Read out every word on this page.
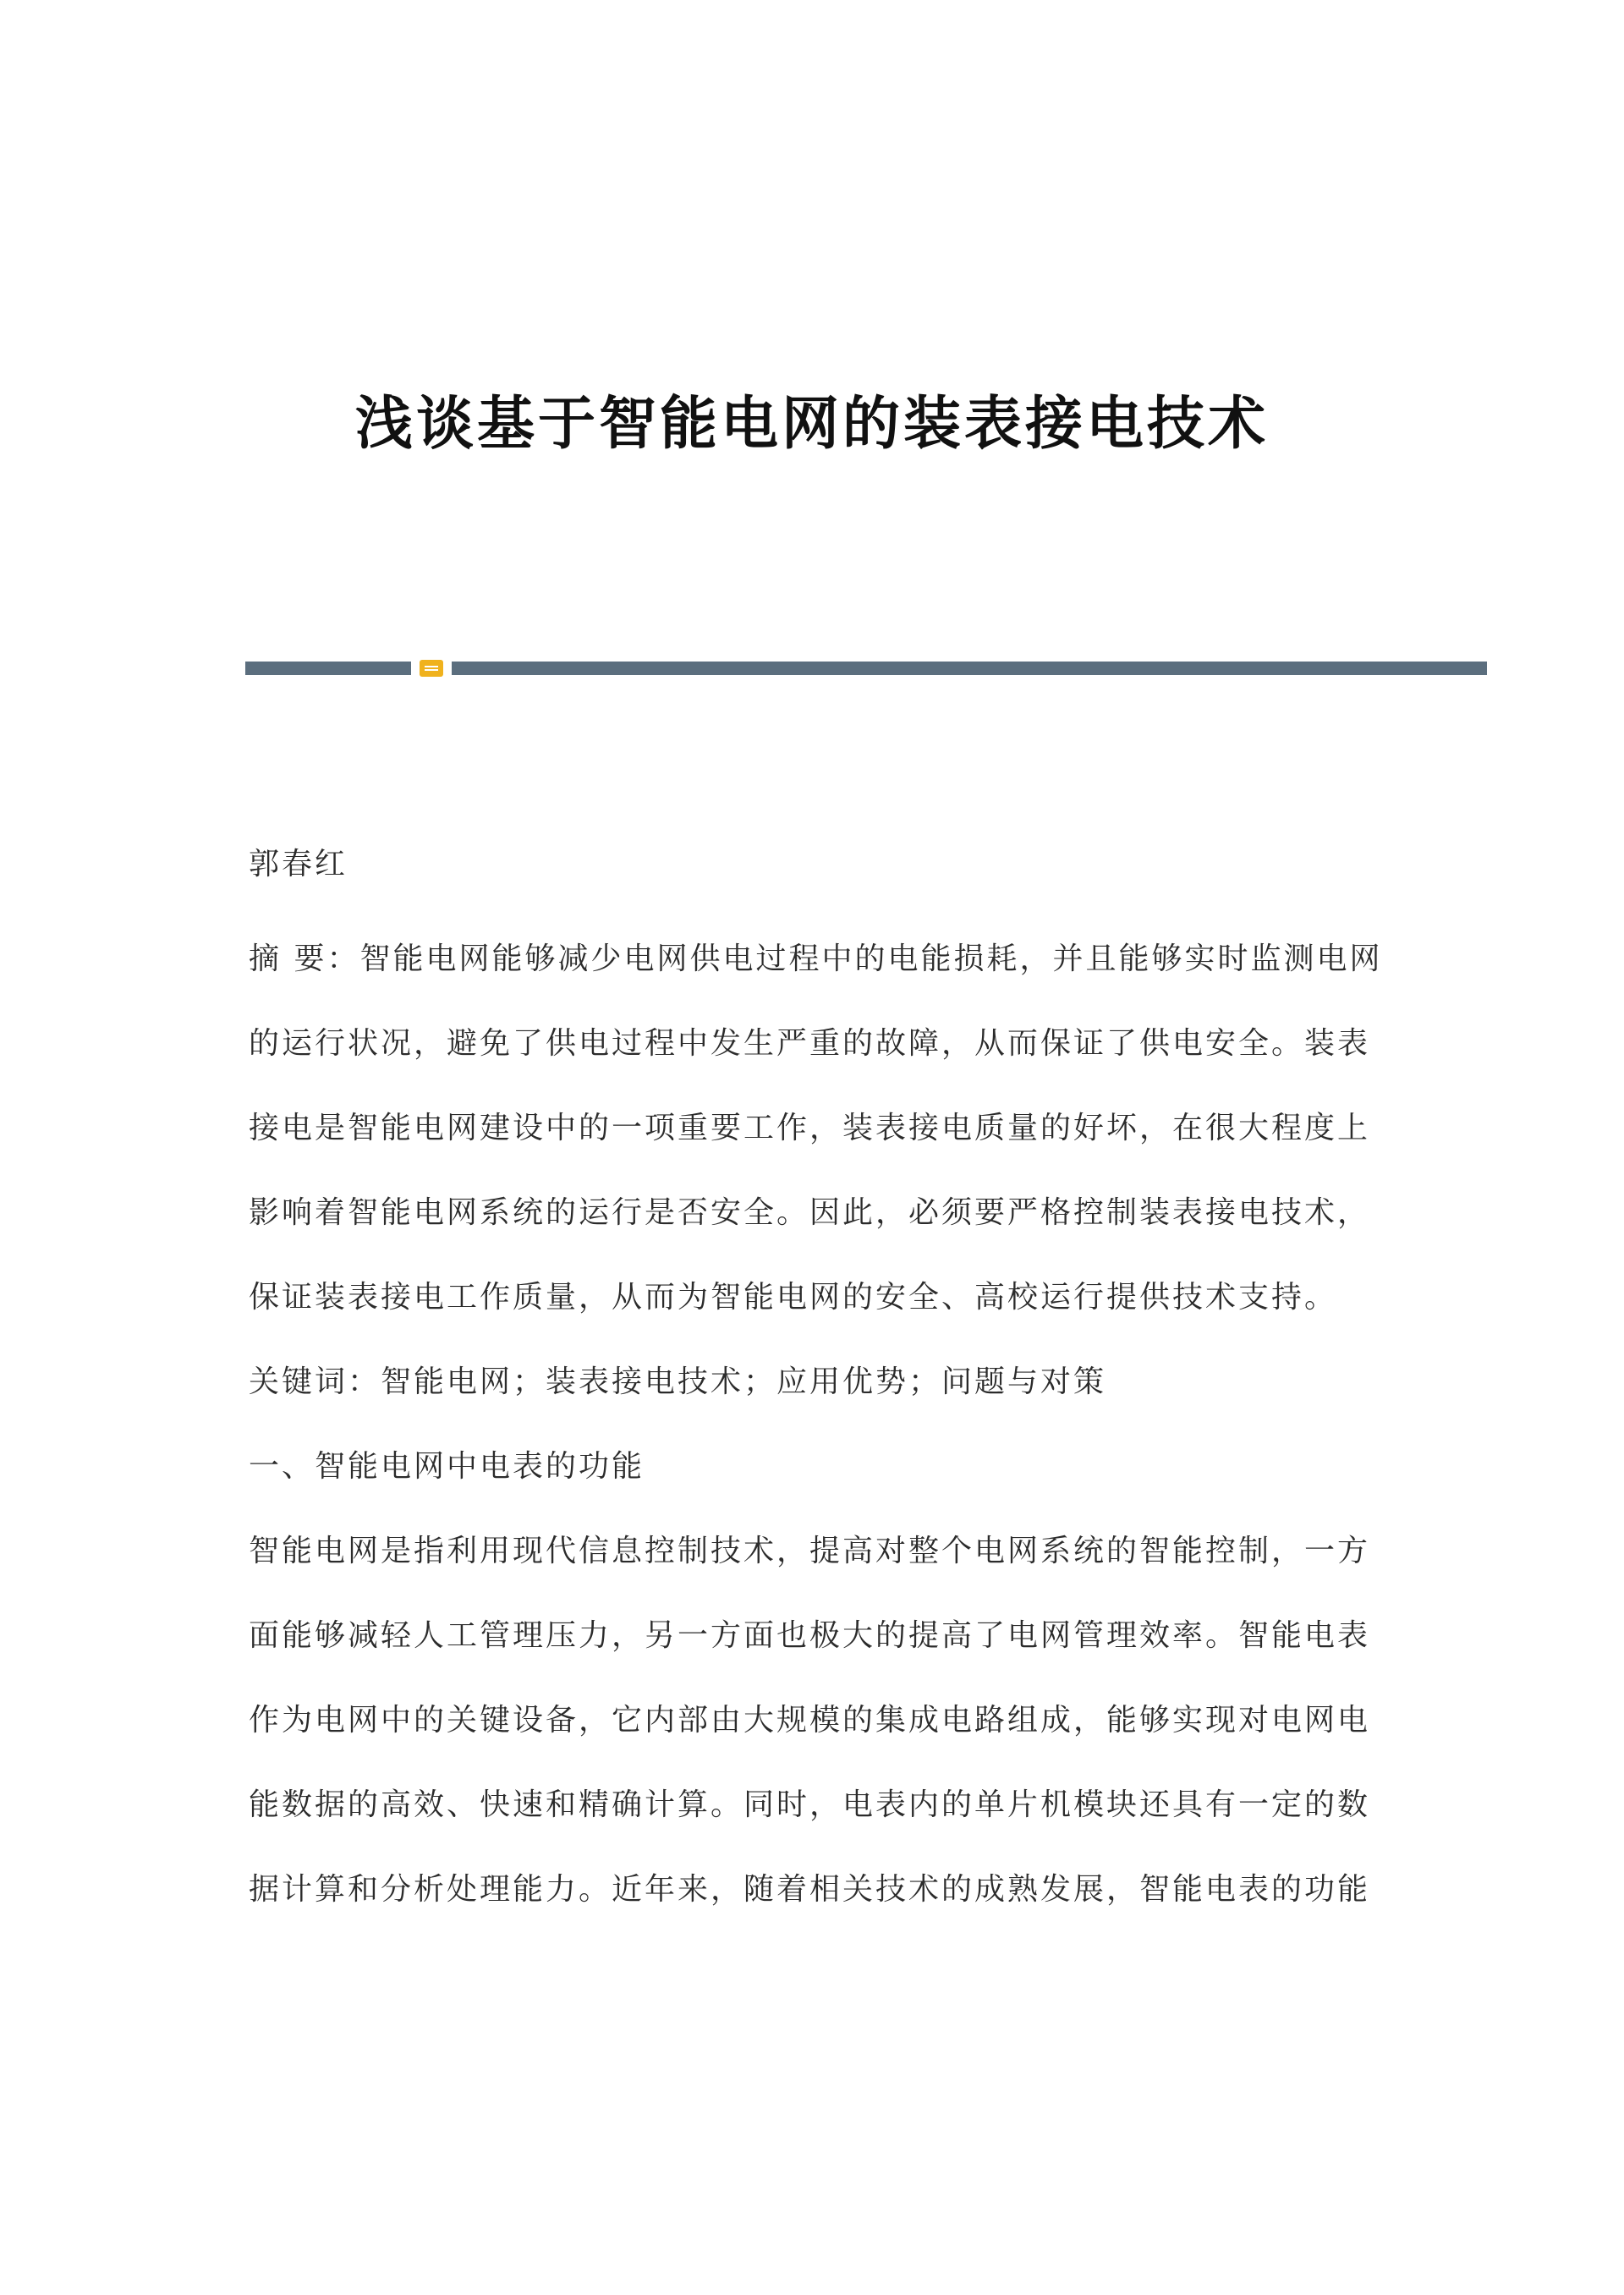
浅谈基于智能电网的装表接电技术

郭春红

摘 要：智能电网能够减少电网供电过程中的电能损耗，并且能够实时监测电网
的运行状况，避免了供电过程中发生严重的故障，从而保证了供电安全。装表
接电是智能电网建设中的一项重要工作，装表接电质量的好坏，在很大程度上
影响着智能电网系统的运行是否安全。因此，必须要严格控制装表接电技术，
保证装表接电工作质量，从而为智能电网的安全、高校运行提供技术支持。

关键词：智能电网；装表接电技术；应用优势；问题与对策

一、智能电网中电表的功能

智能电网是指利用现代信息控制技术，提高对整个电网系统的智能控制，一方
面能够减轻人工管理压力，另一方面也极大的提高了电网管理效率。智能电表
作为电网中的关键设备，它内部由大规模的集成电路组成，能够实现对电网电
能数据的高效、快速和精确计算。同时，电表内的单片机模块还具有一定的数
据计算和分析处理能力。近年来，随着相关技术的成熟发展，智能电表的功能
